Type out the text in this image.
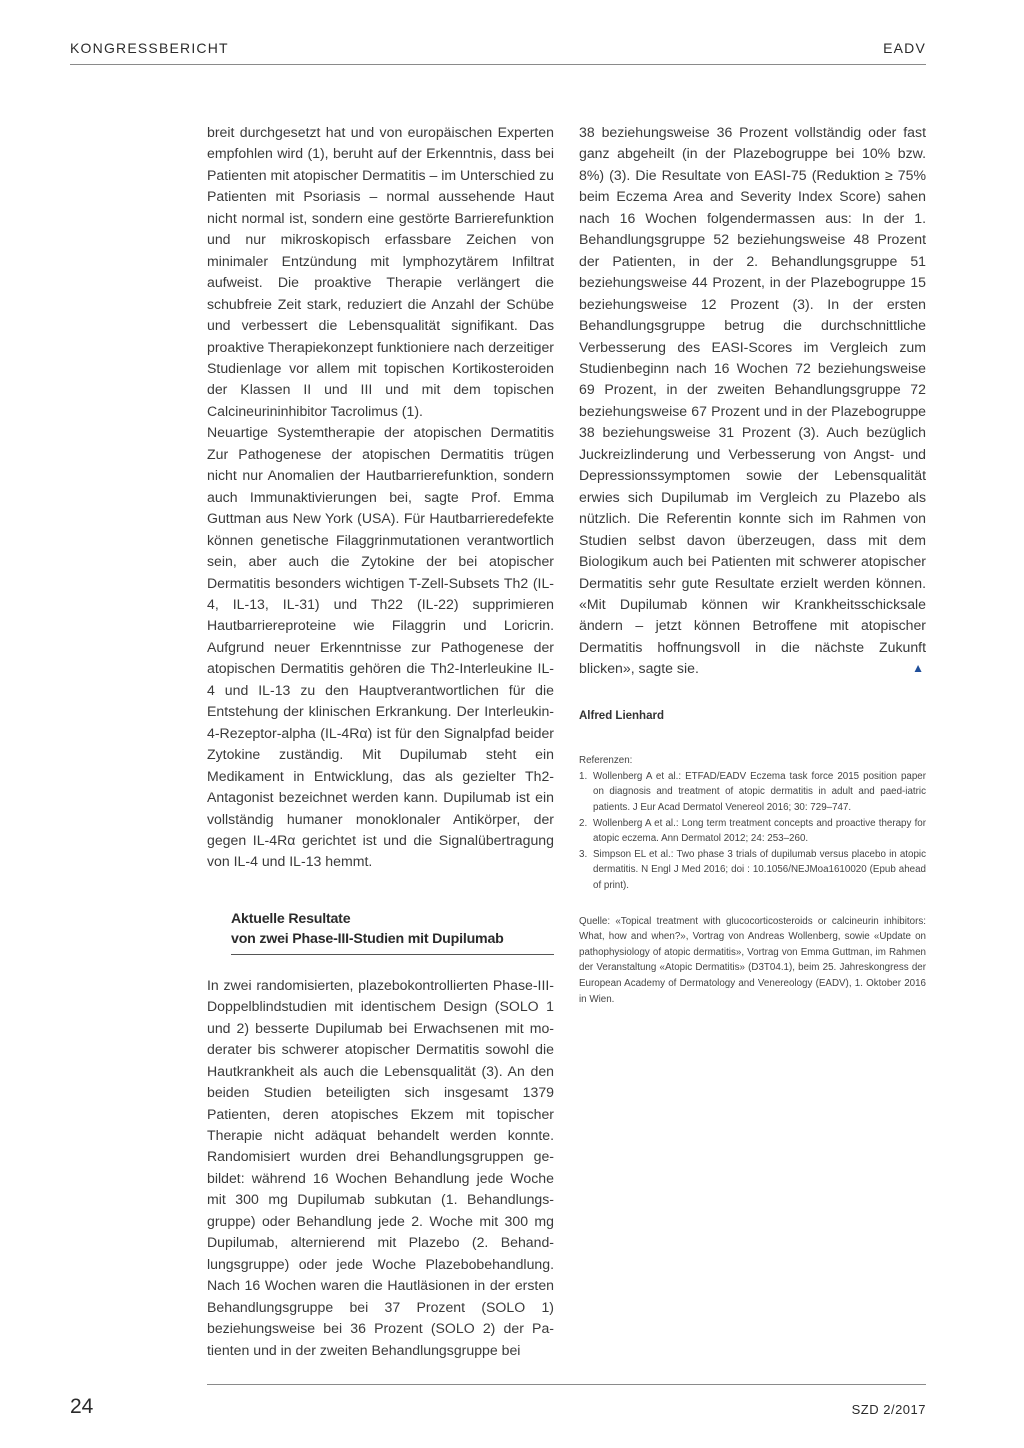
KONGRESSBERICHT	EADV

breit durchgesetzt hat und von europäischen Experten empfohlen wird (1), beruht auf der Erkenntnis, dass bei Patienten mit atopischer Dermatitis – im Unterschied zu Patienten mit Psoriasis – normal aussehende Haut nicht normal ist, sondern eine gestörte Barrierefunktion und nur mikroskopisch erfassbare Zeichen von minimaler Entzündung mit lymphozytärem Infiltrat aufweist. Die proaktive Therapie verlängert die schubfreie Zeit stark, reduziert die Anzahl der Schübe und verbessert die Lebensqualität signifikant. Das proaktive Therapiekonzept funktioniere nach derzeitiger Studienlage vor allem mit topischen Kortikosteroiden der Klassen II und III und mit dem topischen Calcineurininhibitor Tacrolimus (1).

Neuartige Systemtherapie der atopischen Dermatitis Zur Pathogenese der atopischen Dermatitis trügen nicht nur Anomalien der Hautbarrierefunktion, sondern auch Immunaktivierungen bei, sagte Prof. Emma Guttman aus New York (USA). Für Hautbarrieredefekte können genetische Filaggrinmutationen verantwortlich sein, aber auch die Zytokine der bei atopischer Dermatitis besonders wichtigen T-Zell-Subsets Th2 (IL-4, IL-13, IL-31) und Th22 (IL-22) supprimieren Hautbarriereproteine wie Filaggrin und Loricrin. Aufgrund neuer Erkenntnisse zur Pathogenese der atopischen Dermatitis gehören die Th2-Interleukine IL-4 und IL-13 zu den Hauptverantwortlichen für die Entstehung der klinischen Erkrankung. Der Interleukin-4-Rezeptor-alpha (IL-4Rα) ist für den Signalpfad beider Zytokine zuständig. Mit Dupilumab steht ein Medikament in Entwicklung, das als gezielter Th2-Antagonist bezeichnet werden kann. Dupilumab ist ein vollständig humaner monoklonaler Antikörper, der gegen IL-4Rα gerichtet ist und die Signalübertragung von IL-4 und IL-13 hemmt.

Aktuelle Resultate
von zwei Phase-III-Studien mit Dupilumab

In zwei randomisierten, plazebokontrollierten Phase-III-Doppelblindstudien mit identischem Design (SOLO 1 und 2) besserte Dupilumab bei Erwachsenen mit moderater bis schwerer atopischer Dermatitis sowohl die Hautkrankheit als auch die Lebensqualität (3). An den beiden Studien beteiligten sich insgesamt 1379 Patienten, deren atopisches Ekzem mit topischer Therapie nicht adäquat behandelt werden konnte. Randomisiert wurden drei Behandlungsgruppen gebildet: während 16 Wochen Behandlung jede Woche mit 300 mg Dupilumab subkutan (1. Behandlungsgruppe) oder Behandlung jede 2. Woche mit 300 mg Dupilumab, alternierend mit Plazebo (2. Behandlungsgruppe) oder jede Woche Plazebobehandlung. Nach 16 Wochen waren die Hautläsionen in der ersten Behandlungsgruppe bei 37 Prozent (SOLO 1) beziehungsweise bei 36 Prozent (SOLO 2) der Patienten und in der zweiten Behandlungsgruppe bei

38 beziehungsweise 36 Prozent vollständig oder fast ganz abgeheilt (in der Plazebogruppe bei 10% bzw. 8%) (3). Die Resultate von EASI-75 (Reduktion ≥ 75% beim Eczema Area and Severity Index Score) sahen nach 16 Wochen folgendermassen aus: In der 1. Behandlungsgruppe 52 beziehungsweise 48 Prozent der Patienten, in der 2. Behandlungsgruppe 51 beziehungsweise 44 Prozent, in der Plazebogruppe 15 beziehungsweise 12 Prozent (3). In der ersten Behandlungsgruppe betrug die durchschnittliche Verbesserung des EASI-Scores im Vergleich zum Studienbeginn nach 16 Wochen 72 beziehungsweise 69 Prozent, in der zweiten Behandlungsgruppe 72 beziehungsweise 67 Prozent und in der Plazebogruppe 38 beziehungsweise 31 Prozent (3). Auch bezüglich Juckreizlinderung und Verbesserung von Angst- und Depressionssymptomen sowie der Lebensqualität erwies sich Dupilumab im Vergleich zu Plazebo als nützlich. Die Referentin konnte sich im Rahmen von Studien selbst davon überzeugen, dass mit dem Biologikum auch bei Patienten mit schwerer atopischer Dermatitis sehr gute Resultate erzielt werden können. «Mit Dupilumab können wir Krankheitsschicksale ändern – jetzt können Betroffene mit atopischer Dermatitis hoffnungsvoll in die nächste Zukunft blicken», sagte sie.	▲

Alfred Lienhard
Referenzen:
1. Wollenberg A et al.: ETFAD/EADV Eczema task force 2015 position paper on diagnosis and treatment of atopic dermatitis in adult and paed-iatric patients. J Eur Acad Dermatol Venereol 2016; 30: 729–747.
2. Wollenberg A et al.: Long term treatment concepts and proactive therapy for atopic eczema. Ann Dermatol 2012; 24: 253–260.
3. Simpson EL et al.: Two phase 3 trials of dupilumab versus placebo in atopic dermatitis. N Engl J Med 2016; doi : 10.1056/NEJMoa1610020 (Epub ahead of print).
Quelle: «Topical treatment with glucocorticosteroids or calcineurin inhibitors: What, how and when?», Vortrag von Andreas Wollenberg, sowie «Update on pathophysiology of atopic dermatitis», Vortrag von Emma Guttman, im Rahmen der Veranstaltung «Atopic Dermatitis» (D3T04.1), beim 25. Jahreskongress der European Academy of Dermatology and Venereology (EADV), 1. Oktober 2016 in Wien.
24	SZD 2/2017
